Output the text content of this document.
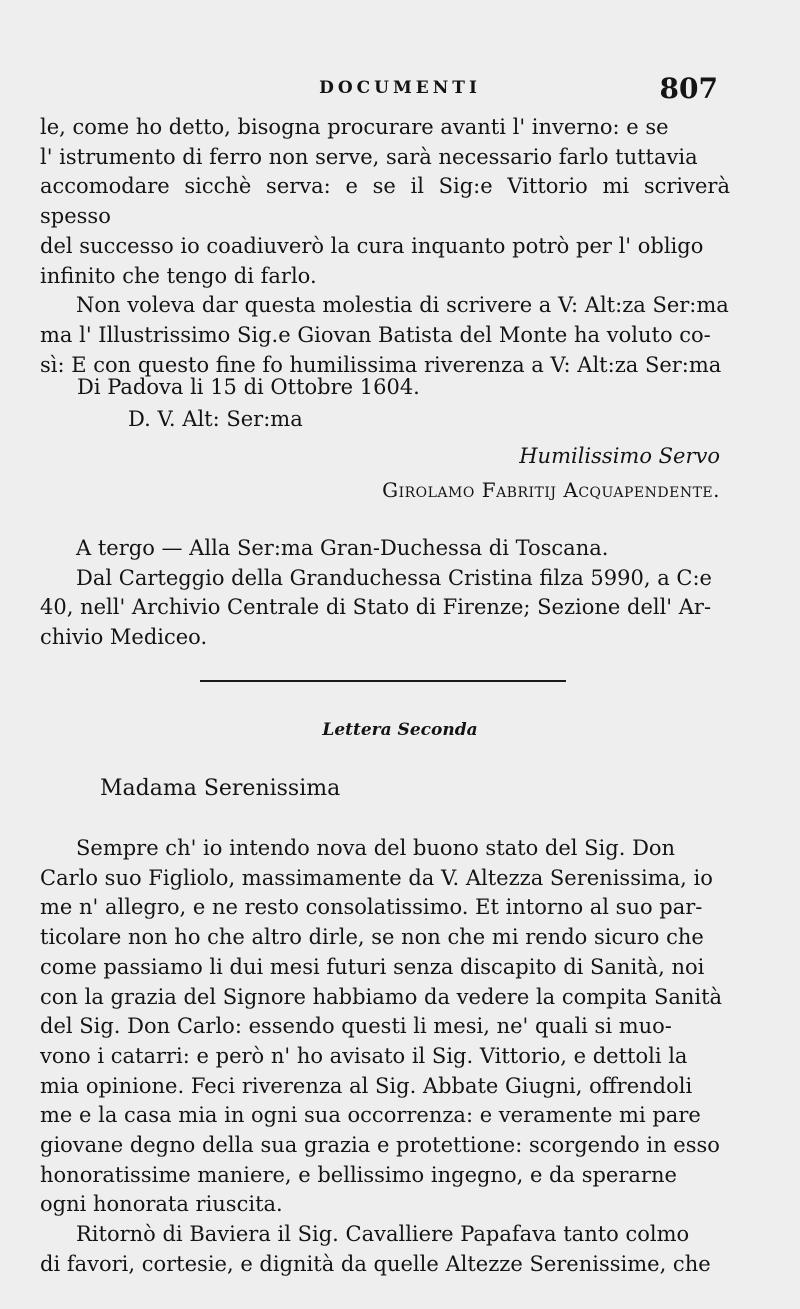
DOCUMENTI	807
le, come ho detto, bisogna procurare avanti l' inverno: e se
l' istrumento di ferro non serve, sarà necessario farlo tuttavia
accomodare sicchè serva: e se il Sig:e Vittorio mi scriverà spesso
del successo io coadiuverò la cura inquanto potrò per l' obligo
infinito che tengo di farlo.
Non voleva dar questa molestia di scrivere a V: Alt:za Ser:ma
ma l' Illustrissimo Sig.e Giovan Batista del Monte ha voluto co-
sì: E con questo fine fo humilissima riverenza a V: Alt:za Ser:ma
Di Padova li 15 di Ottobre 1604.
D. V. Alt: Ser:ma
Humilissimo Servo
Girolamo Fabritij Acquapendente.
A tergo — Alla Ser:ma Gran-Duchessa di Toscana.
Dal Carteggio della Granduchessa Cristina filza 5990, a C:e
40, nell' Archivio Centrale di Stato di Firenze; Sezione dell' Ar-
chivio Mediceo.
Lettera Seconda
Madama Serenissima

Sempre ch' io intendo nova del buono stato del Sig. Don
Carlo suo Figliolo, massimamente da V. Altezza Serenissima, io
me n' allegro, e ne resto consolatissimo. Et intorno al suo par-
ticolare non ho che altro dirle, se non che mi rendo sicuro che
come passiamo li dui mesi futuri senza discapito di Sanità, noi
con la grazia del Signore habbiamo da vedere la compita Sanità
del Sig. Don Carlo: essendo questi li mesi, ne' quali si muo-
vono i catarri: e però n' ho avisato il Sig. Vittorio, e dettoli la
mia opinione. Feci riverenza al Sig. Abbate Giugni, offrendoli
me e la casa mia in ogni sua occorrenza: e veramente mi pare
giovane degno della sua grazia e protettione: scorgendo in esso
honoratissime maniere, e bellissimo ingegno, e da sperarne
ogni honorata riuscita.

Ritornò di Baviera il Sig. Cavalliere Papafava tanto colmo
di favori, cortesie, e dignità da quelle Altezze Serenissime, che
